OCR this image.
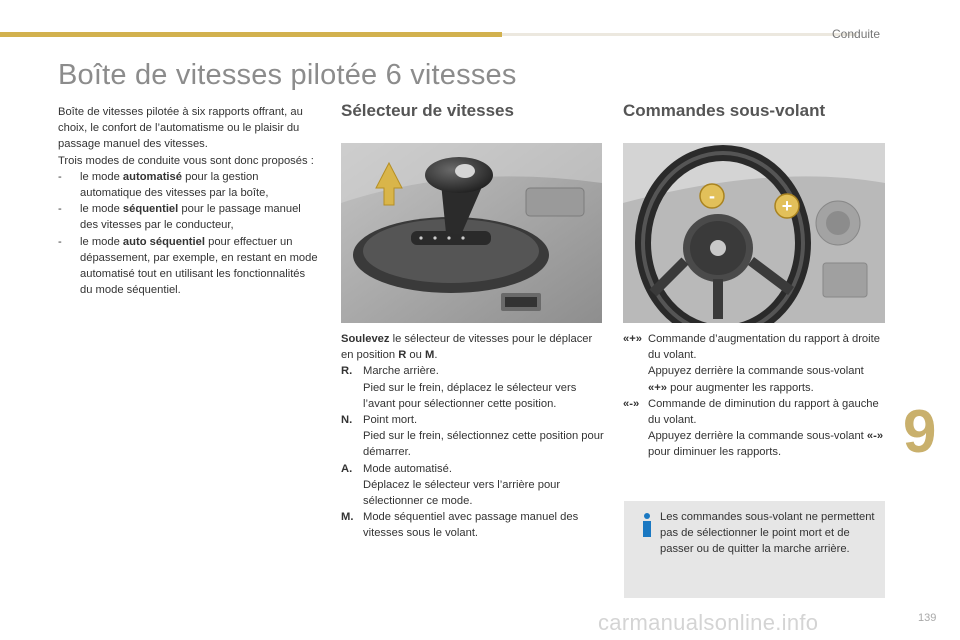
Conduite
Boîte de vitesses pilotée 6 vitesses

Boîte de vitesses pilotée à six rapports offrant, au choix, le confort de l’automatisme ou le plaisir du passage manuel des vitesses.

Trois modes de conduite vous sont donc proposés :

-	le mode automatisé pour la gestion automatique des vitesses par la boîte,
-	le mode séquentiel pour le passage manuel des vitesses par le conducteur,
-	le mode auto séquentiel pour effectuer un dépassement, par exemple, en restant en mode automatisé tout en utilisant les fonctionnalités du mode séquentiel.
Sélecteur de vitesses	Commandes sous-volant
-	+

Soulevez le sélecteur de vitesses pour le déplacer en position R ou M.

R. Marche arrière.
Pied sur le frein, déplacez le sélecteur vers l’avant pour sélectionner cette position.
N. Point mort.
Pied sur le frein, sélectionnez cette position pour démarrer.
A. Mode automatisé.
Déplacez le sélecteur vers l’arrière pour sélectionner ce mode.
M. Mode séquentiel avec passage manuel des vitesses sous le volant.
«+» Commande d’augmentation du rapport à droite du volant.
Appuyez derrière la commande sous-volant «+» pour augmenter les rapports.
«-» Commande de diminution du rapport à gauche du volant.
Appuyez derrière la commande sous-volant «-» pour diminuer les rapports.
Les commandes sous-volant ne permettent pas de sélectionner le point mort et de passer ou de quitter la marche arrière.
9
carmanualsonline.info	139
